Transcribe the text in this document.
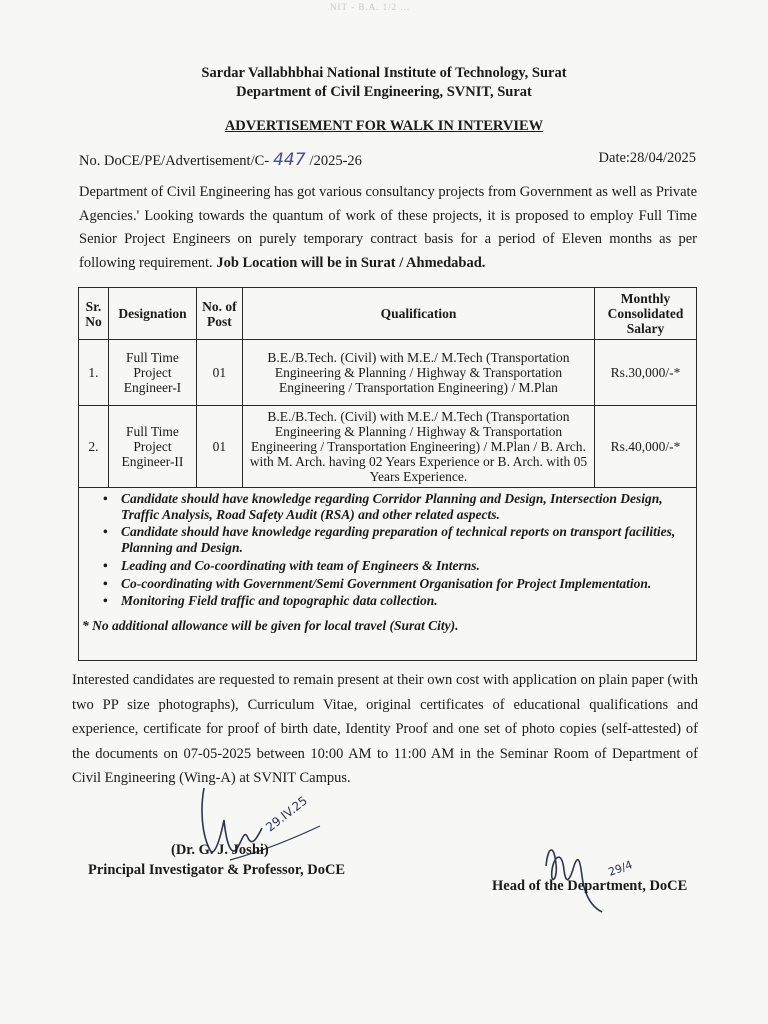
NIT - B.A. 1/2 ...
Sardar Vallabhbhai National Institute of Technology, Surat
Department of Civil Engineering, SVNIT, Surat
ADVERTISEMENT FOR WALK IN INTERVIEW
No. DoCE/PE/Advertisement/C- 447 /2025-26	Date:28/04/2025
Department of Civil Engineering has got various consultancy projects from Government as well as Private Agencies.' Looking towards the quantum of work of these projects, it is proposed to employ Full Time Senior Project Engineers on purely temporary contract basis for a period of Eleven months as per following requirement. Job Location will be in Surat / Ahmedabad.
Sr. No	Designation	No. of Post	Qualification	Monthly Consolidated Salary
1.	Full Time Project Engineer-I	01	B.E./B.Tech. (Civil) with M.E./ M.Tech (Transportation Engineering & Planning / Highway & Transportation Engineering / Transportation Engineering) / M.Plan	Rs.30,000/-*
2.	Full Time Project Engineer-II	01	B.E./B.Tech. (Civil) with M.E./ M.Tech (Transportation Engineering & Planning / Highway & Transportation Engineering / Transportation Engineering) / M.Plan / B. Arch. with M. Arch. having 02 Years Experience or B. Arch. with 05 Years Experience.	Rs.40,000/-*
• Candidate should have knowledge regarding Corridor Planning and Design, Intersection Design, Traffic Analysis, Road Safety Audit (RSA) and other related aspects.
• Candidate should have knowledge regarding preparation of technical reports on transport facilities, Planning and Design.
• Leading and Co-coordinating with team of Engineers & Interns.
• Co-coordinating with Government/Semi Government Organisation for Project Implementation.
• Monitoring Field traffic and topographic data collection.
* No additional allowance will be given for local travel (Surat City).
Interested candidates are requested to remain present at their own cost with application on plain paper (with two PP size photographs), Curriculum Vitae, original certificates of educational qualifications and experience, certificate for proof of birth date, Identity Proof and one set of photo copies (self-attested) of the documents on 07-05-2025 between 10:00 AM to 11:00 AM in the Seminar Room of Department of Civil Engineering (Wing-A) at SVNIT Campus.
29.IV.25
(Dr. G. J. Joshi)
Principal Investigator & Professor, DoCE	29/4
Head of the Department, DoCE
